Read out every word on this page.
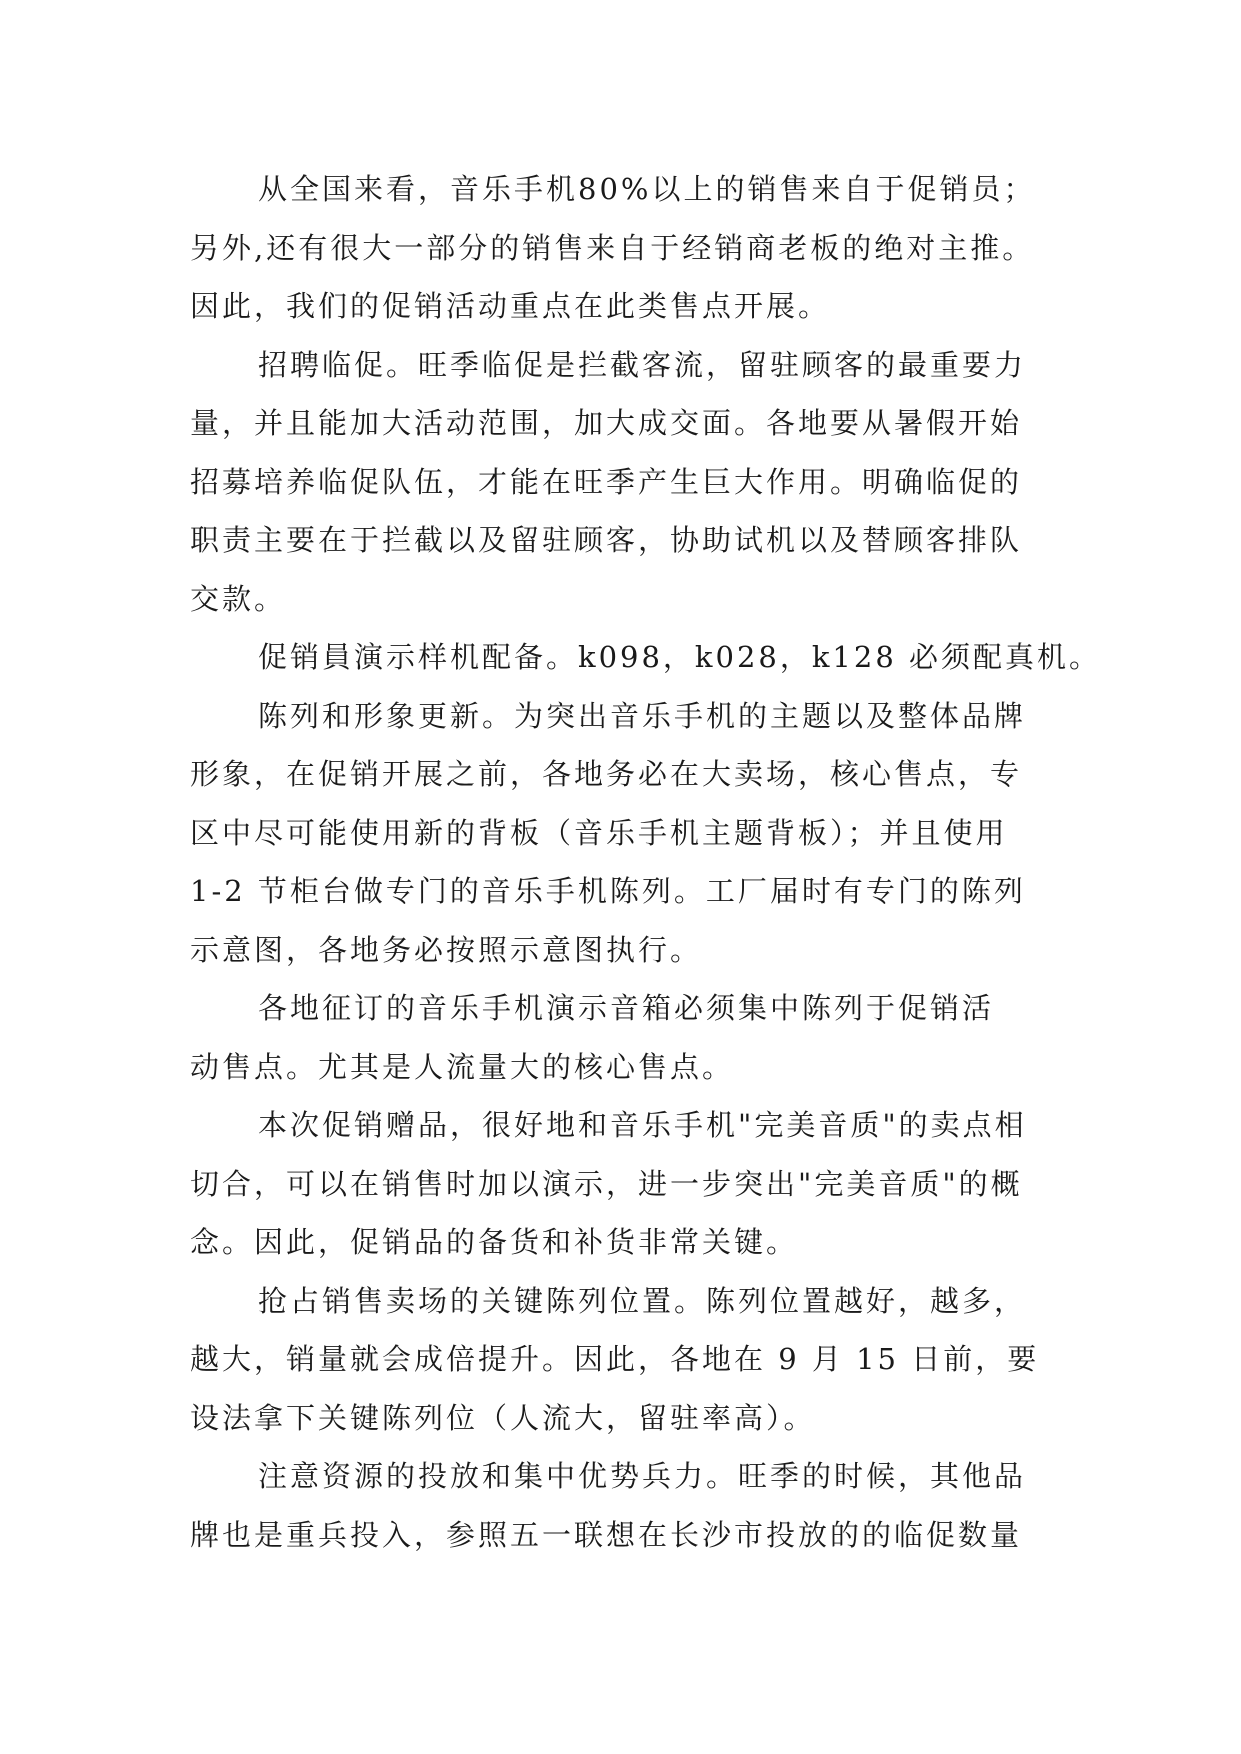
从全国来看，音乐手机80%以上的销售来自于促销员；
另外,还有很大一部分的销售来自于经销商老板的绝对主推。
因此，我们的促销活动重点在此类售点开展。
招聘临促。旺季临促是拦截客流，留驻顾客的最重要力
量，并且能加大活动范围，加大成交面。各地要从暑假开始
招募培养临促队伍，才能在旺季产生巨大作用。明确临促的
职责主要在于拦截以及留驻顾客，协助试机以及替顾客排队
交款。
促销員演示样机配备。k098，k028，k128 必须配真机。
陈列和形象更新。为突出音乐手机的主题以及整体品牌
形象，在促销开展之前，各地务必在大卖场，核心售点，专
区中尽可能使用新的背板（音乐手机主题背板）；并且使用
1-2 节柜台做专门的音乐手机陈列。工厂届时有专门的陈列
示意图，各地务必按照示意图执行。
各地征订的音乐手机演示音箱必须集中陈列于促销活
动售点。尤其是人流量大的核心售点。
本次促销赠品，很好地和音乐手机"完美音质"的卖点相
切合，可以在销售时加以演示，进一步突出"完美音质"的概
念。因此，促销品的备货和补货非常关键。
抢占销售卖场的关键陈列位置。陈列位置越好，越多，
越大，销量就会成倍提升。因此，各地在 9 月 15 日前，要
设法拿下关键陈列位（人流大，留驻率高）。
注意资源的投放和集中优势兵力。旺季的时候，其他品
牌也是重兵投入，参照五一联想在长沙市投放的的临促数量
